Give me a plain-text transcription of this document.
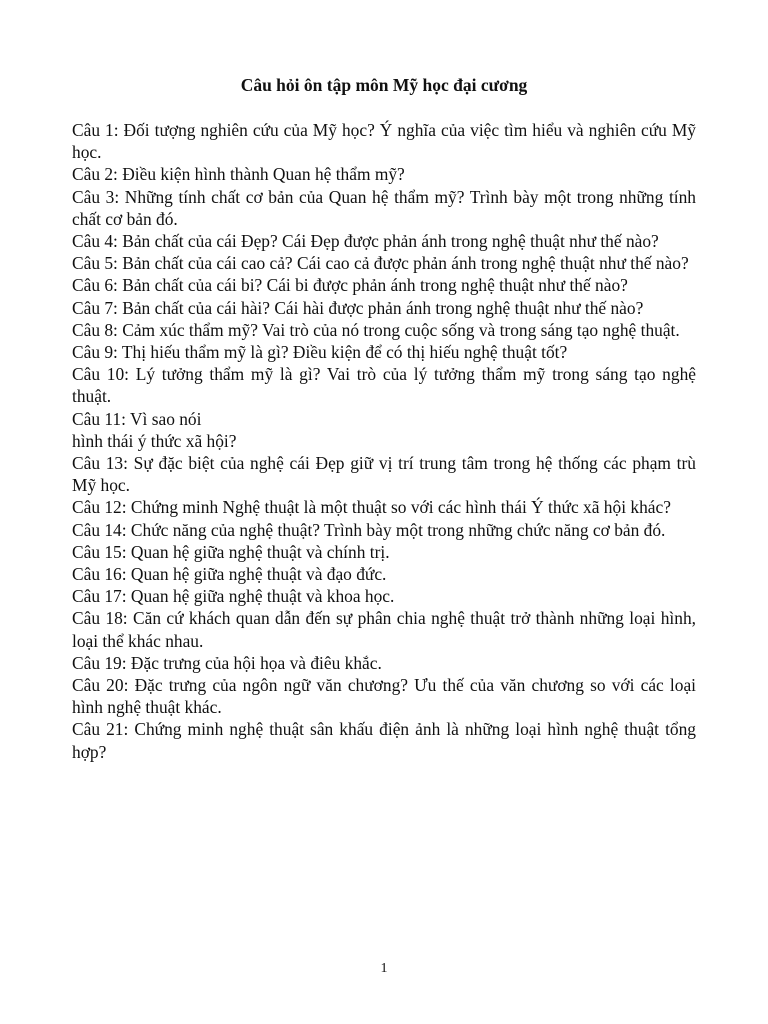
Câu hỏi ôn tập môn Mỹ học đại cương
Câu 1: Đối tượng nghiên cứu của Mỹ học? Ý nghĩa của việc tìm hiểu và nghiên cứu Mỹ học.
Câu 2: Điều kiện hình thành Quan hệ thẩm mỹ?
Câu 3: Những tính chất cơ bản của Quan hệ thẩm mỹ? Trình bày một trong những tính chất cơ bản đó.
Câu 4: Bản chất của cái Đẹp? Cái Đẹp được phản ánh trong nghệ thuật như thế nào?
Câu 5: Bản chất của cái cao cả? Cái cao cả được phản ánh trong nghệ thuật như thế nào?
Câu 6: Bản chất của cái bi? Cái bi được phản ánh trong nghệ thuật như thế nào?
Câu 7: Bản chất của cái hài? Cái hài được phản ánh trong nghệ thuật như thế nào?
Câu 8: Cảm xúc thẩm mỹ? Vai trò của nó trong cuộc sống và trong sáng tạo nghệ thuật.
Câu 9: Thị hiếu thẩm mỹ là gì? Điều kiện để có thị hiếu nghệ thuật tốt?
Câu 10: Lý tưởng thẩm mỹ là gì? Vai trò của lý tưởng thẩm mỹ trong sáng tạo nghệ thuật.
Câu 11: Vì sao nói
hình thái ý thức xã hội?
Câu 13: Sự đặc biệt của nghệ cái Đẹp giữ vị trí trung tâm trong hệ thống các phạm trù Mỹ học.
Câu 12: Chứng minh Nghệ thuật là một thuật so với các hình thái Ý thức xã hội khác?
Câu 14: Chức năng của nghệ thuật? Trình bày một trong những chức năng cơ bản đó.
Câu 15: Quan hệ giữa nghệ thuật và chính trị.
Câu 16: Quan hệ giữa nghệ thuật và đạo đức.
Câu 17: Quan hệ giữa nghệ thuật và khoa học.
Câu 18: Căn cứ khách quan dẫn đến sự phân chia nghệ thuật trở thành những loại hình, loại thể khác nhau.
Câu 19: Đặc trưng của hội họa và điêu khắc.
Câu 20: Đặc trưng của ngôn ngữ văn chương? Ưu thế của văn chương so với các loại hình nghệ thuật khác.
Câu 21: Chứng minh nghệ thuật sân khấu điện ảnh là những loại hình nghệ thuật tổng hợp?
1
